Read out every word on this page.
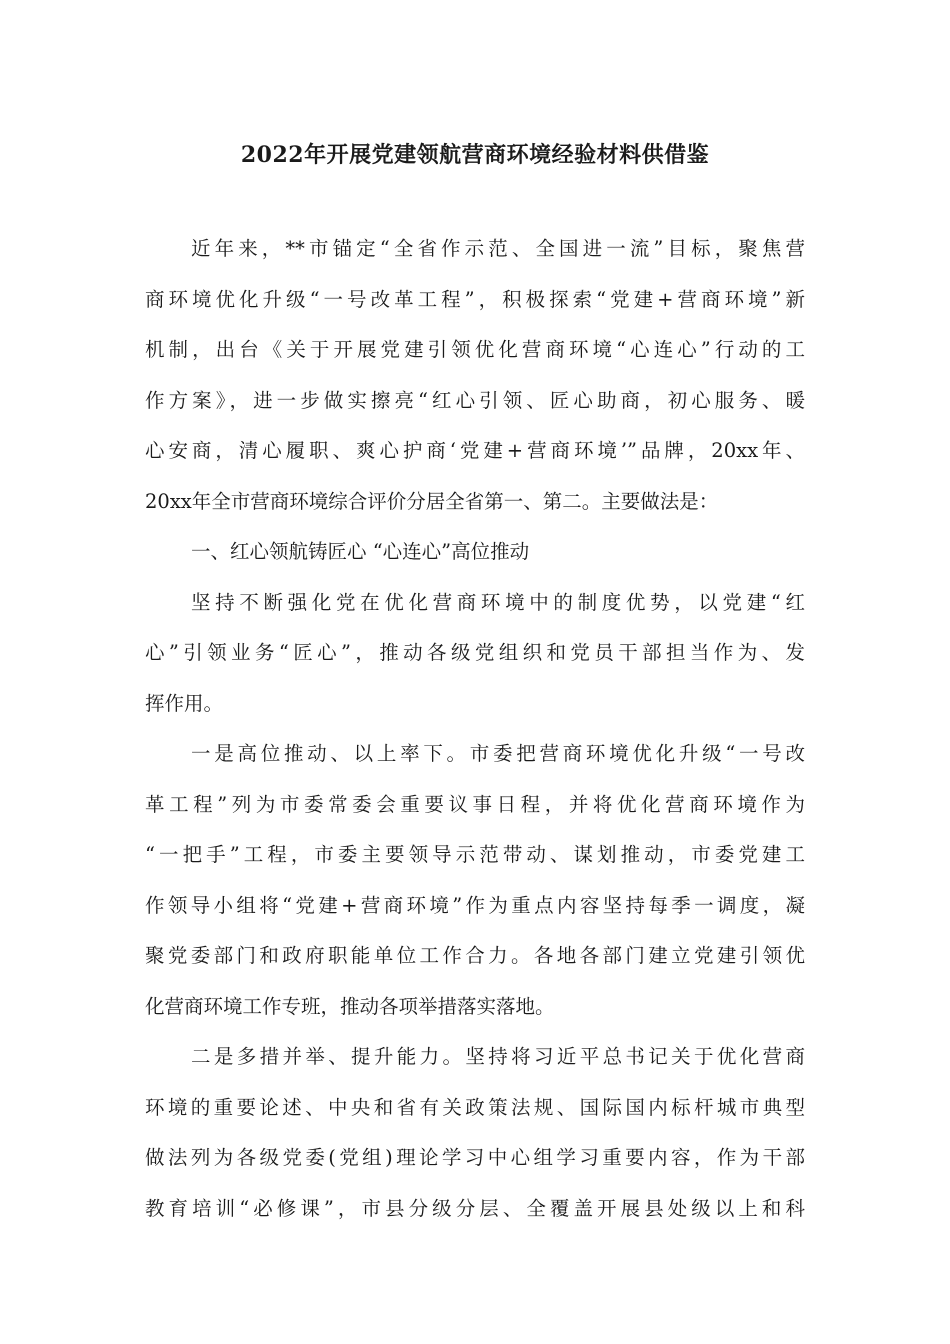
2022年开展党建领航营商环境经验材料供借鉴
近年来，**市锚定“全省作示范、全国进一流”目标，聚焦营
商环境优化升级“一号改革工程”，积极探索“党建+营商环境”新
机制，出台《关于开展党建引领优化营商环境“心连心”行动的工
作方案》，进一步做实擦亮“红心引领、匠心助商，初心服务、暖
心安商，清心履职、爽心护商‘党建+营商环境’”品牌，20xx年、
20xx年全市营商环境综合评价分居全省第一、第二。主要做法是：
一、红心领航铸匠心 “心连心”高位推动
坚持不断强化党在优化营商环境中的制度优势，以党建“红
心”引领业务“匠心”，推动各级党组织和党员干部担当作为、发
挥作用。
一是高位推动、以上率下。市委把营商环境优化升级“一号改
革工程”列为市委常委会重要议事日程，并将优化营商环境作为
“一把手”工程，市委主要领导示范带动、谋划推动，市委党建工
作领导小组将“党建+营商环境”作为重点内容坚持每季一调度，凝
聚党委部门和政府职能单位工作合力。各地各部门建立党建引领优
化营商环境工作专班，推动各项举措落实落地。
二是多措并举、提升能力。坚持将习近平总书记关于优化营商
环境的重要论述、中央和省有关政策法规、国际国内标杆城市典型
做法列为各级党委(党组)理论学习中心组学习重要内容，作为干部
教育培训“必修课”，市县分级分层、全覆盖开展县处级以上和科
